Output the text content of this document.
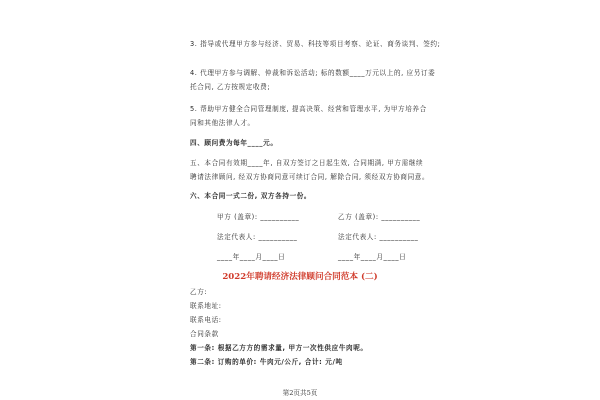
3. 指导或代理甲方参与经济、贸易、科技等项目考察、论证、商务谈判、签约;
4. 代理甲方参与调解、仲裁和诉讼活动; 标的数额____万元以上的, 应另订委
托合同, 乙方按规定收费;
5. 帮助甲方健全合同管理制度, 提高决策、经营和管理水平, 为甲方培养合
同和其他法律人才。
四、顾问费为每年____元。
五、本合同有效期____年, 自双方签订之日起生效, 合同期满, 甲方需继续
聘请法律顾问, 经双方协商同意可续订合同, 解除合同, 须经双方协商同意。
六、本合同一式二份, 双方各持一份。
甲方 (盖章): __________	乙方 (盖章): __________
法定代表人: __________	法定代表人: __________
____年____月____日	____年____月____日
2022年聘请经济法律顾问合同范本 (二)
乙方:
联系地址:
联系电话:
合同条款
第一条: 根据乙方方的需求量, 甲方一次性供应牛肉呢。
第二条: 订购的单价: 牛肉元/公斤, 合计: 元/吨
第2页共5页
